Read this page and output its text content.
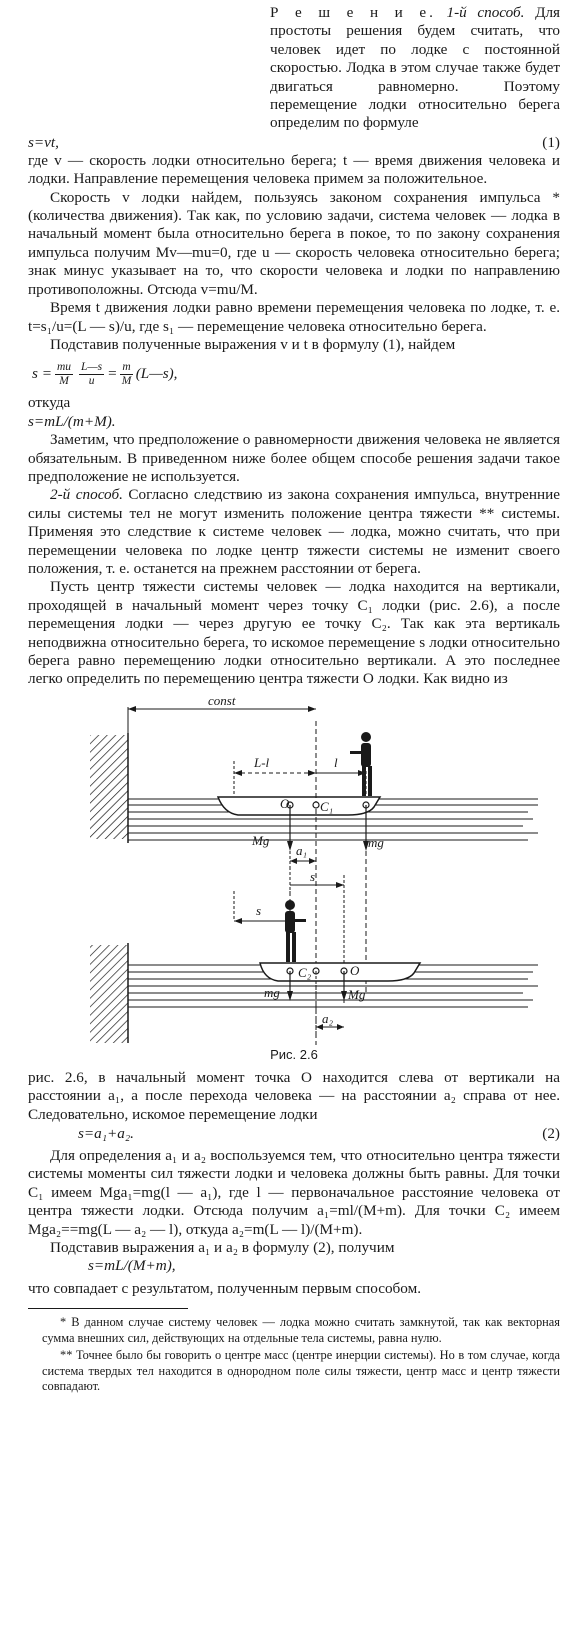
Р е ш е н и е. 1-й способ. Для простоты решения будем считать, что человек идет по лодке с постоянной скоростью. Лодка в этом случае также будет двигаться равномерно. Поэтому перемещение лодки относительно берега определим по формуле

s=vt,	(1)

где v — скорость лодки относительно берега; t — время движения человека и лодки. Направление перемещения человека примем за положительное.

Скорость v лодки найдем, пользуясь законом сохранения импульса * (количества движения). Так как, по условию задачи, система человек — лодка в начальный момент была относительно берега в покое, то по закону сохранения импульса получим Mv—mu=0, где u — скорость человека относительно берега; знак минус указывает на то, что скорости человека и лодки по направлению противоположны. Отсюда v=mu/M.

Время t движения лодки равно времени перемещения человека по лодке, т. е. t=s₁/u=(L — s)/u, где s₁ — перемещение человека относительно берега.

Подставив полученные выражения v и t в формулу (1), найдем

$s = \frac{mu}{M} \frac{L—s}{u} = \frac{m}{M}$ (L—s),

откуда

s=mL/(m+M).

Заметим, что предположение о равномерности движения человека не является обязательным. В приведенном ниже более общем способе решения задачи такое предположение не используется.

2-й способ. Согласно следствию из закона сохранения импульса, внутренние силы системы тел не могут изменить положение центра тяжести ** системы. Применяя это следствие к системе человек — лодка, можно считать, что при перемещении человека по лодке центр тяжести системы не изменит своего положения, т. е. останется на прежнем расстоянии от берега.

Пусть центр тяжести системы человек — лодка находится на вертикали, проходящей в начальный момент через точку C₁ лодки (рис. 2.6), а после перемещения лодки — через другую ее точку C₂. Так как эта вертикаль неподвижна относительно берега, то искомое перемещение s лодки относительно берега равно перемещению лодки относительно вертикали. А это последнее легко определить по перемещению центра тяжести O лодки. Как видно из

const
L-l	l
O C₁
Mg	mg
a₁
s
s
C₂	O
mg	Mg
a₂

Рис. 2.6

рис. 2.6, в начальный момент точка O находится слева от вертикали на расстоянии a₁, а после перехода человека — на расстоянии a₂ справа от нее. Следовательно, искомое перемещение лодки

s=a₁+a₂.	(2)

Для определения a₁ и a₂ воспользуемся тем, что относительно центра тяжести системы моменты сил тяжести лодки и человека должны быть равны. Для точки C₁ имеем Mga₁=mg(l — a₁), где l — первоначальное расстояние человека от центра тяжести лодки. Отсюда получим a₁=ml/(M+m). Для точки C₂ имеем Mga₂==mg(L — a₂ — l), откуда a₂=m(L — l)/(M+m).

Подставив выражения a₁ и a₂ в формулу (2), получим

s=mL/(M+m),

что совпадает с результатом, полученным первым способом.

* В данном случае систему человек — лодка можно считать замкнутой, так как векторная сумма внешних сил, действующих на отдельные тела системы, равна нулю.

** Точнее было бы говорить о центре масс (центре инерции системы). Но в том случае, когда система твердых тел находится в однородном поле силы тяжести, центр масс и центр тяжести совпадают.
